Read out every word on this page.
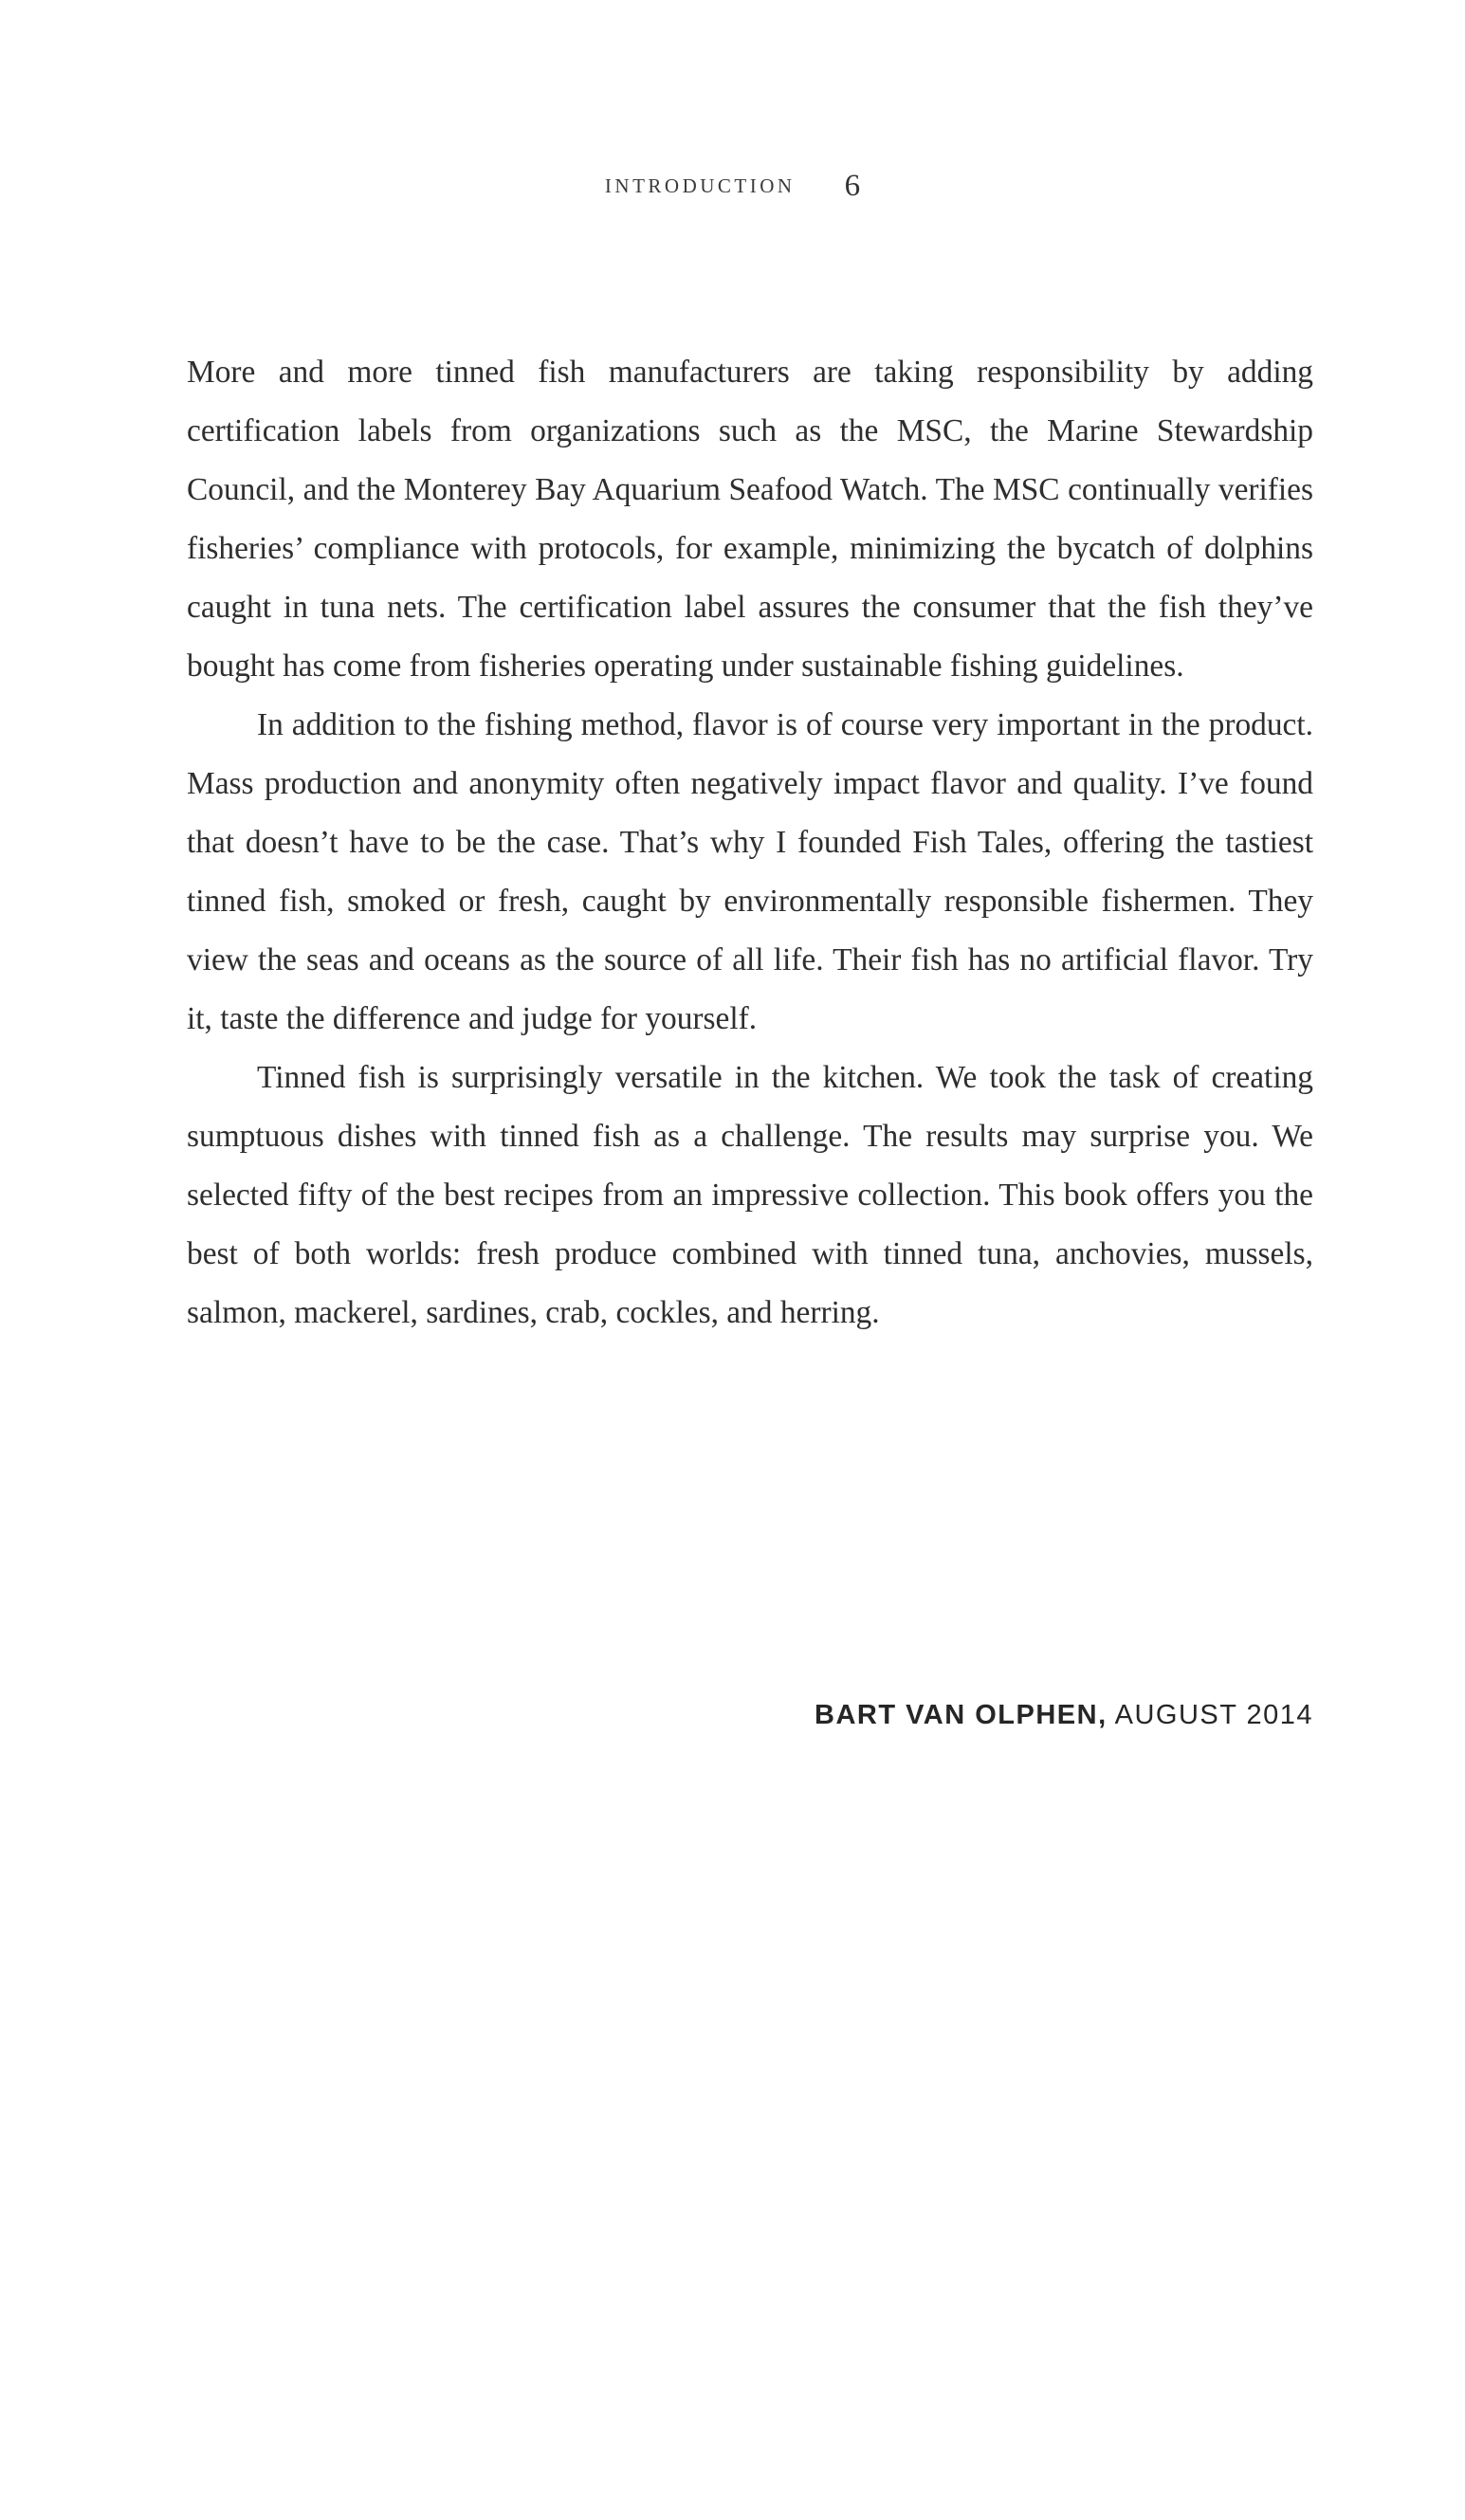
INTRODUCTION 6

More and more tinned fish manufacturers are taking responsibility by adding certification labels from organizations such as the MSC, the Marine Stewardship Council, and the Monterey Bay Aquarium Seafood Watch. The MSC continually verifies fisheries’ compliance with protocols, for example, minimizing the bycatch of dolphins caught in tuna nets. The certification label assures the consumer that the fish they’ve bought has come from fisheries operating under sustainable fishing guidelines.

In addition to the fishing method, flavor is of course very important in the product. Mass production and anonymity often negatively impact flavor and quality. I’ve found that doesn’t have to be the case. That’s why I founded Fish Tales, offering the tastiest tinned fish, smoked or fresh, caught by environmentally responsible fishermen. They view the seas and oceans as the source of all life. Their fish has no artificial flavor. Try it, taste the difference and judge for yourself.

Tinned fish is surprisingly versatile in the kitchen. We took the task of creating sumptuous dishes with tinned fish as a challenge. The results may surprise you. We selected fifty of the best recipes from an impressive collection. This book offers you the best of both worlds: fresh produce combined with tinned tuna, anchovies, mussels, salmon, mackerel, sardines, crab, cockles, and herring.

BART VAN OLPHEN, AUGUST 2014
